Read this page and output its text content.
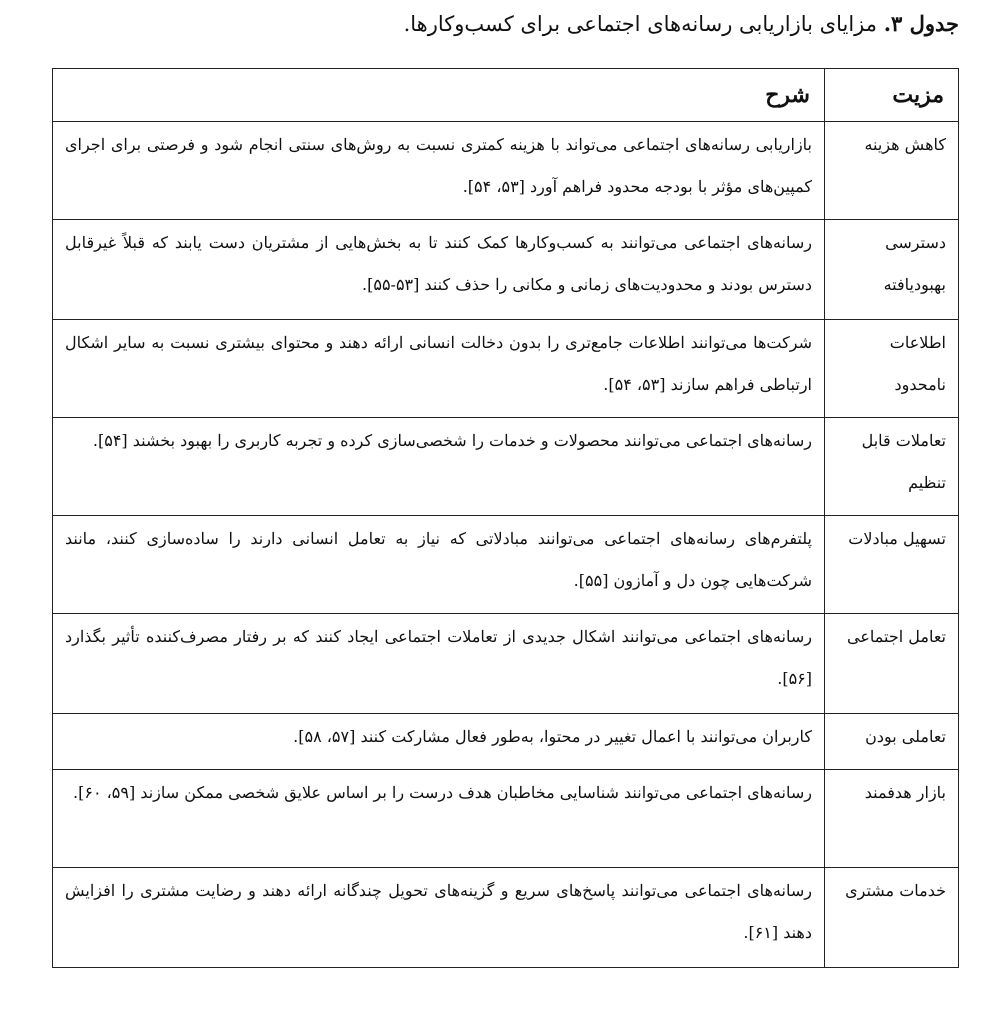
جدول ۳. مزایای بازاریابی رسانه‌های اجتماعی برای کسب‌وکارها.
مزیت	شرح

کاهش هزینه	بازاریابی رسانه‌های اجتماعی می‌تواند با هزینه کمتری نسبت به روش‌های سنتی انجام شود و فرصتی برای اجرای کمپین‌های مؤثر با بودجه محدود فراهم آورد [۵۳، ۵۴].

دسترسی بهبودیافته	رسانه‌های اجتماعی می‌توانند به کسب‌وکارها کمک کنند تا به بخش‌هایی از مشتریان دست یابند که قبلاً غیرقابل دسترس بودند و محدودیت‌های زمانی و مکانی را حذف کنند [۵۳-۵۵].

اطلاعات نامحدود	شرکت‌ها می‌توانند اطلاعات جامع‌تری را بدون دخالت انسانی ارائه دهند و محتوای بیشتری نسبت به سایر اشکال ارتباطی فراهم سازند [۵۳، ۵۴].

تعاملات قابل تنظیم	رسانه‌های اجتماعی می‌توانند محصولات و خدمات را شخصی‌سازی کرده و تجربه کاربری را بهبود بخشند [۵۴].

تسهیل مبادلات	پلتفرم‌های رسانه‌های اجتماعی می‌توانند مبادلاتی که نیاز به تعامل انسانی دارند را ساده‌سازی کنند، مانند شرکت‌هایی چون دل و آمازون [۵۵].

تعامل اجتماعی	رسانه‌های اجتماعی می‌توانند اشکال جدیدی از تعاملات اجتماعی ایجاد کنند که بر رفتار مصرف‌کننده تأثیر بگذارد [۵۶].

تعاملی بودن	کاربران می‌توانند با اعمال تغییر در محتوا، به‌طور فعال مشارکت کنند [۵۷، ۵۸].

بازار هدفمند	رسانه‌های اجتماعی می‌توانند شناسایی مخاطبان هدف درست را بر اساس علایق شخصی ممکن سازند [۵۹، ۶۰].

خدمات مشتری	رسانه‌های اجتماعی می‌توانند پاسخ‌های سریع و گزینه‌های تحویل چندگانه ارائه دهند و رضایت مشتری را افزایش دهند [۶۱].
